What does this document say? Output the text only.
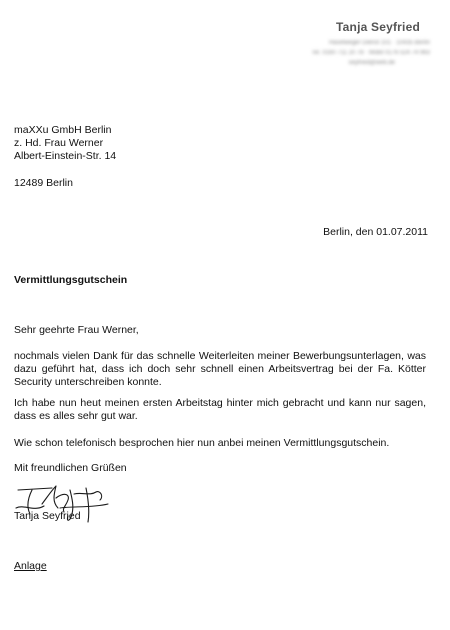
Tanja Seyfried
Haselweger Dienst 101 · 10435 Berlin
Tel. 0160 711 20 78 · Mobil 0176 524 74 963
seyfried@web.de
maXXu GmbH Berlin
z. Hd. Frau Werner
Albert-Einstein-Str. 14
12489 Berlin
Berlin, den 01.07.2011
Vermittlungsgutschein
Sehr geehrte Frau Werner,
nochmals vielen Dank für das schnelle Weiterleiten meiner Bewerbungsunterlagen, was dazu geführt hat, dass ich doch sehr schnell einen Arbeitsvertrag bei der Fa. Kötter Security unterschreiben konnte.
Ich habe nun heut meinen ersten Arbeitstag hinter mich gebracht und kann nur sagen, dass es alles sehr gut war.
Wie schon telefonisch besprochen hier nun anbei meinen Vermittlungsgutschein.
Mit freundlichen Grüßen
Tanja Seyfried
Anlage
